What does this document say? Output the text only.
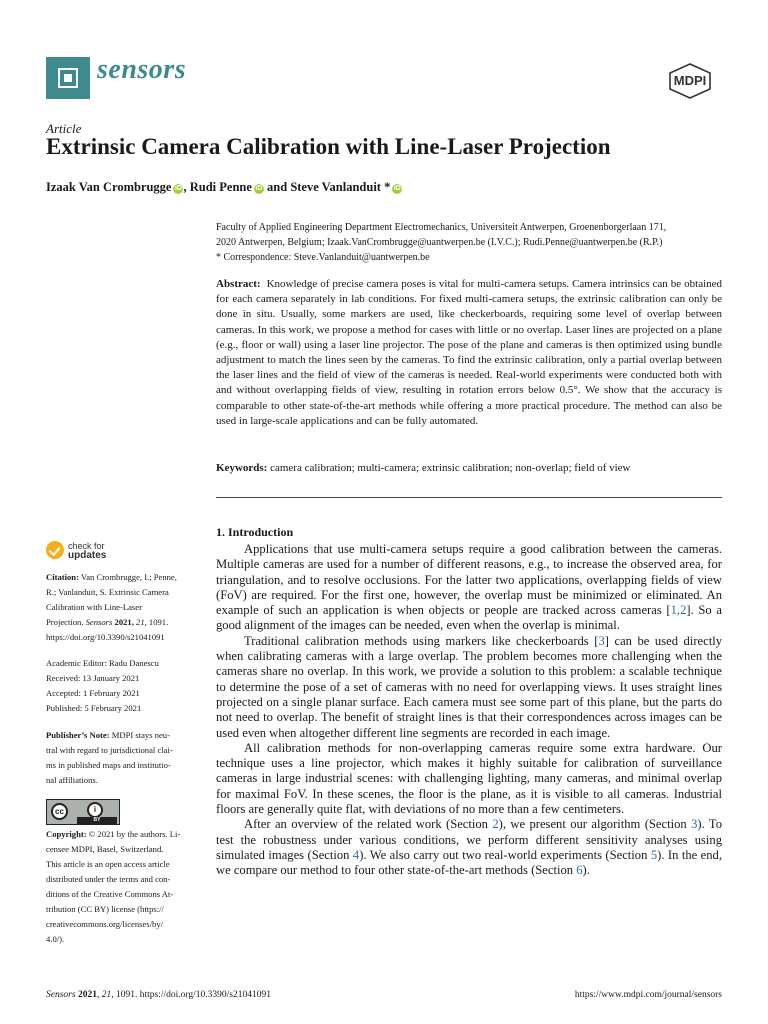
sensors	MDPI
Article
Extrinsic Camera Calibration with Line-Laser Projection
Izaak Van Crombrugge iD , Rudi Penne iD and Steve Vanlanduit * iD
Faculty of Applied Engineering Department Electromechanics, Universiteit Antwerpen, Groenenborgerlaan 171,
2020 Antwerpen, Belgium; Izaak.VanCrombrugge@uantwerpen.be (I.V.C.); Rudi.Penne@uantwerpen.be (R.P.)
* Correspondence: Steve.Vanlanduit@uantwerpen.be
Abstract: Knowledge of precise camera poses is vital for multi-camera setups. Camera intrinsics can be obtained for each camera separately in lab conditions. For fixed multi-camera setups, the extrinsic calibration can only be done in situ. Usually, some markers are used, like checkerboards, requiring some level of overlap between cameras. In this work, we propose a method for cases with little or no overlap. Laser lines are projected on a plane (e.g., floor or wall) using a laser line projector. The pose of the plane and cameras is then optimized using bundle adjustment to match the lines seen by the cameras. To find the extrinsic calibration, only a partial overlap between the laser lines and the field of view of the cameras is needed. Real-world experiments were conducted both with and without overlapping fields of view, resulting in rotation errors below 0.5°. We show that the accuracy is comparable to other state-of-the-art methods while offering a more practical procedure. The method can also be used in large-scale applications and can be fully automated.
Keywords: camera calibration; multi-camera; extrinsic calibration; non-overlap; field of view
1. Introduction

Applications that use multi-camera setups require a good calibration between the cameras. Multiple cameras are used for a number of different reasons, e.g., to increase the observed area, for triangulation, and to resolve occlusions. For the latter two applications, overlapping fields of view (FoV) are required. For the first one, however, the overlap must be minimized or eliminated. An example of such an application is when objects or people are tracked across cameras [1,2]. So a good alignment of the images can be needed, even when the overlap is minimal.

Traditional calibration methods using markers like checkerboards [3] can be used directly when calibrating cameras with a large overlap. The problem becomes more challenging when the cameras share no overlap. In this work, we provide a solution to this problem: a scalable technique to determine the pose of a set of cameras with no need for overlapping views. It uses straight lines projected on a single planar surface. Each camera must see some part of this plane, but the parts do not need to overlap. The benefit of straight lines is that their correspondences across images can be used even when altogether different line segments are recorded in each image.

All calibration methods for non-overlapping cameras require some extra hardware. Our technique uses a line projector, which makes it highly suitable for calibration of surveillance cameras in large industrial scenes: with challenging lighting, many cameras, and minimal overlap for maximal FoV. In these scenes, the floor is the plane, as it is visible to all cameras. Industrial floors are generally quite flat, with deviations of no more than a few centimeters.

After an overview of the related work (Section 2), we present our algorithm (Section 3). To test the robustness under various conditions, we perform different sensitivity analyses using simulated images (Section 4). We also carry out two real-world experiments (Section 5). In the end, we compare our method to four other state-of-the-art methods (Section 6).

check for
updates
Citation: Van Crombrugge, I.; Penne,
R.; Vanlanduit, S. Extrinsic Camera
Calibration with Line-Laser
Projection. Sensors 2021, 21, 1091.
https://doi.org/10.3390/s21041091
Academic Editor: Radu Danescu
Received: 13 January 2021
Accepted: 1 February 2021
Published: 5 February 2021
Publisher’s Note: MDPI stays neu-
tral with regard to jurisdictional clai-
ms in published maps and institutio-
nal affiliations.
cc	i
BY
Copyright: © 2021 by the authors. Li-
censee MDPI, Basel, Switzerland.
This article is an open access article
distributed under the terms and con-
ditions of the Creative Commons At-
tribution (CC BY) license (https://
creativecommons.org/licenses/by/
4.0/).
Sensors 2021, 21, 1091. https://doi.org/10.3390/s21041091	https://www.mdpi.com/journal/sensors
